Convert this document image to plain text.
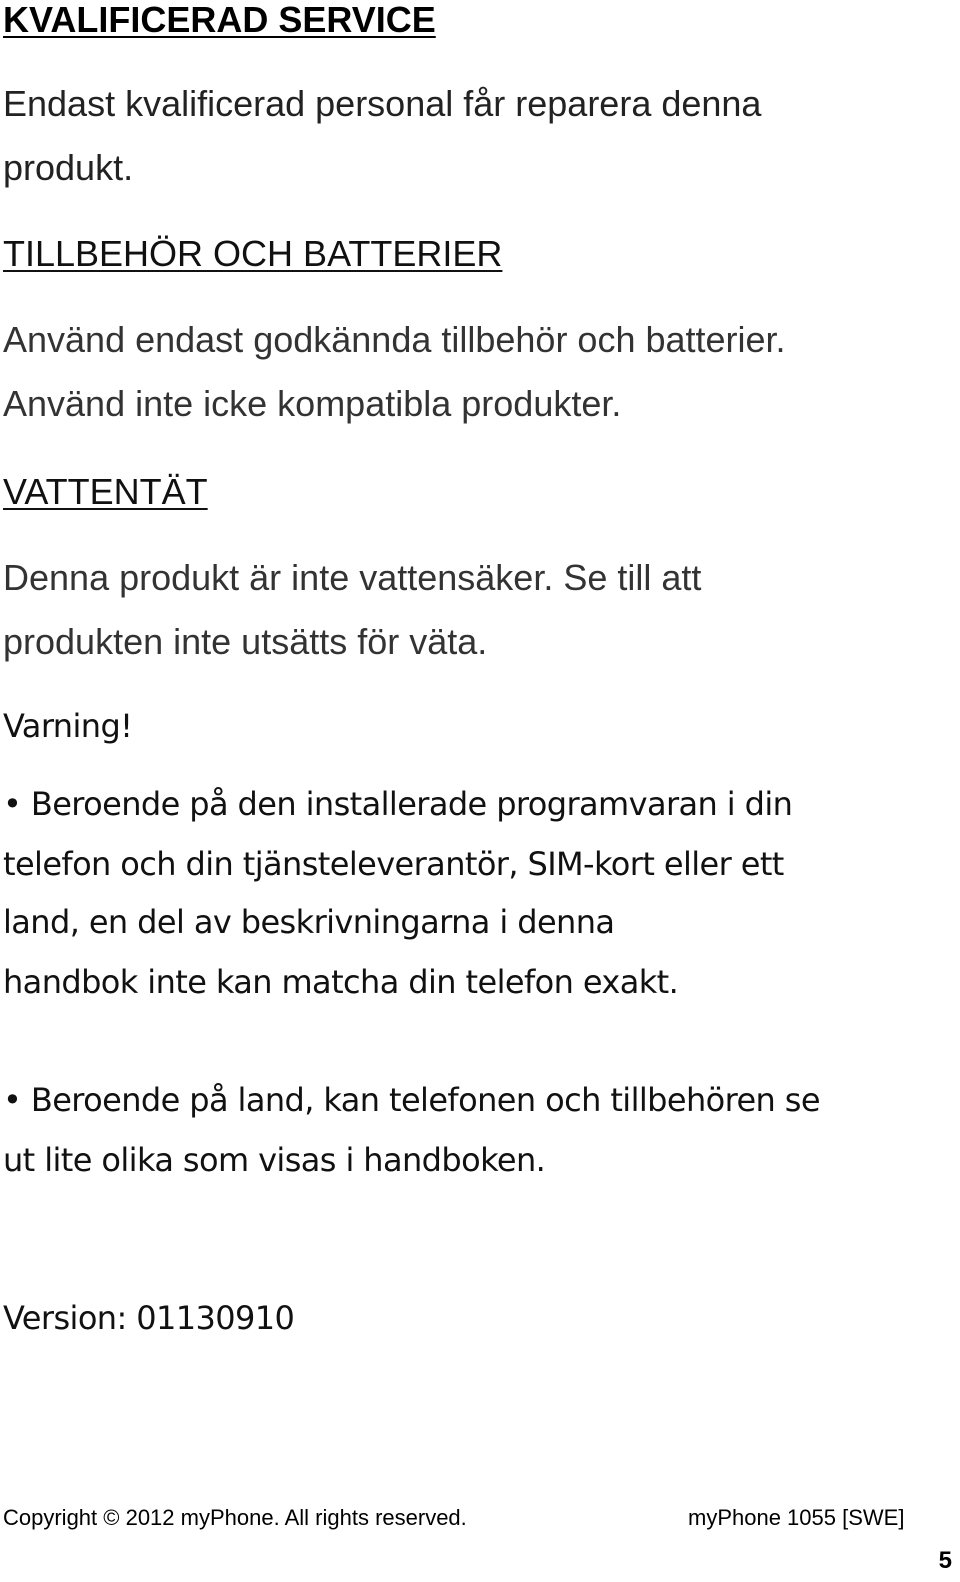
KVALIFICERAD SERVICE

Endast kvalificerad personal får reparera denna

produkt.

TILLBEHÖR OCH BATTERIER

Använd endast godkännda tillbehör och batterier.

Använd inte icke kompatibla produkter.

VATTENTÄT

Denna produkt är inte vattensäker. Se till att

produkten inte utsätts för väta.

Varning!

• Beroende på den installerade programvaran i din

telefon och din tjänsteleverantör, SIM-kort eller ett

land, en del av beskrivningarna i denna

handbok inte kan matcha din telefon exakt.

• Beroende på land, kan telefonen och tillbehören se

ut lite olika som visas i handboken.

Version: 01130910

Copyright © 2012 myPhone. All rights reserved.	myPhone 1055 [SWE]

5
